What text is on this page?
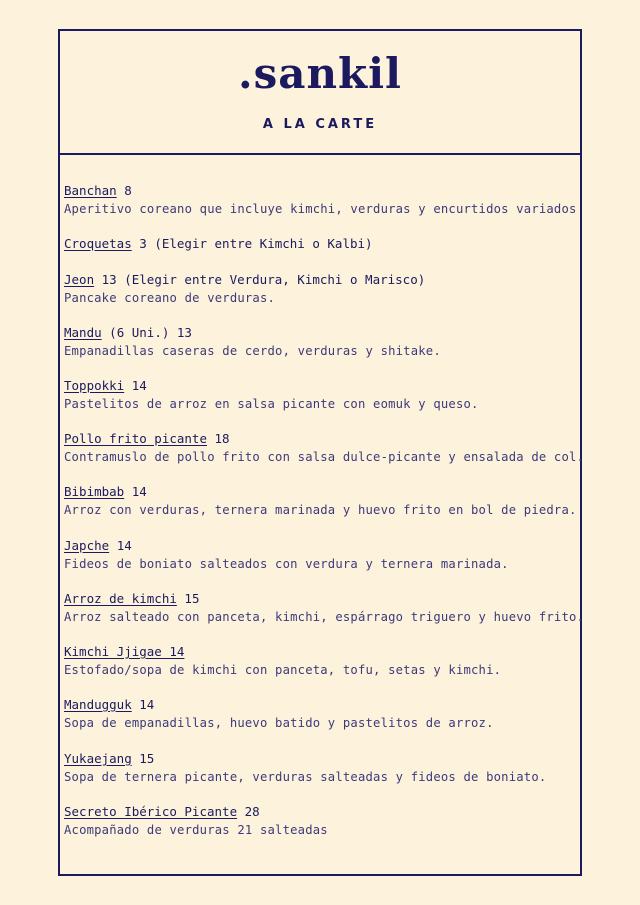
.sankil
A LA CARTE
Banchan 8
Aperitivo coreano que incluye kimchi, verduras y encurtidos variados
Croquetas 3 (Elegir entre Kimchi o Kalbi)
Jeon 13 (Elegir entre Verdura, Kimchi o Marisco)
Pancake coreano de verduras.
Mandu (6 Uni.) 13
Empanadillas caseras de cerdo, verduras y shitake.
Toppokki 14
Pastelitos de arroz en salsa picante con eomuk y queso.
Pollo frito picante 18
Contramuslo de pollo frito con salsa dulce-picante y ensalada de col.
Bibimbab 14
Arroz con verduras, ternera marinada y huevo frito en bol de piedra.
Japche 14
Fideos de boniato salteados con verdura y ternera marinada.
Arroz de kimchi 15
Arroz salteado con panceta, kimchi, espárrago triguero y huevo frito.
Kimchi Jjigae 14
Estofado/sopa de kimchi con panceta, tofu, setas y kimchi.
Mandugguk 14
Sopa de empanadillas, huevo batido y pastelitos de arroz.
Yukaejang 15
Sopa de ternera picante, verduras salteadas y fideos de boniato.
Secreto Ibérico Picante 28
Acompañado de verduras 21 salteadas
